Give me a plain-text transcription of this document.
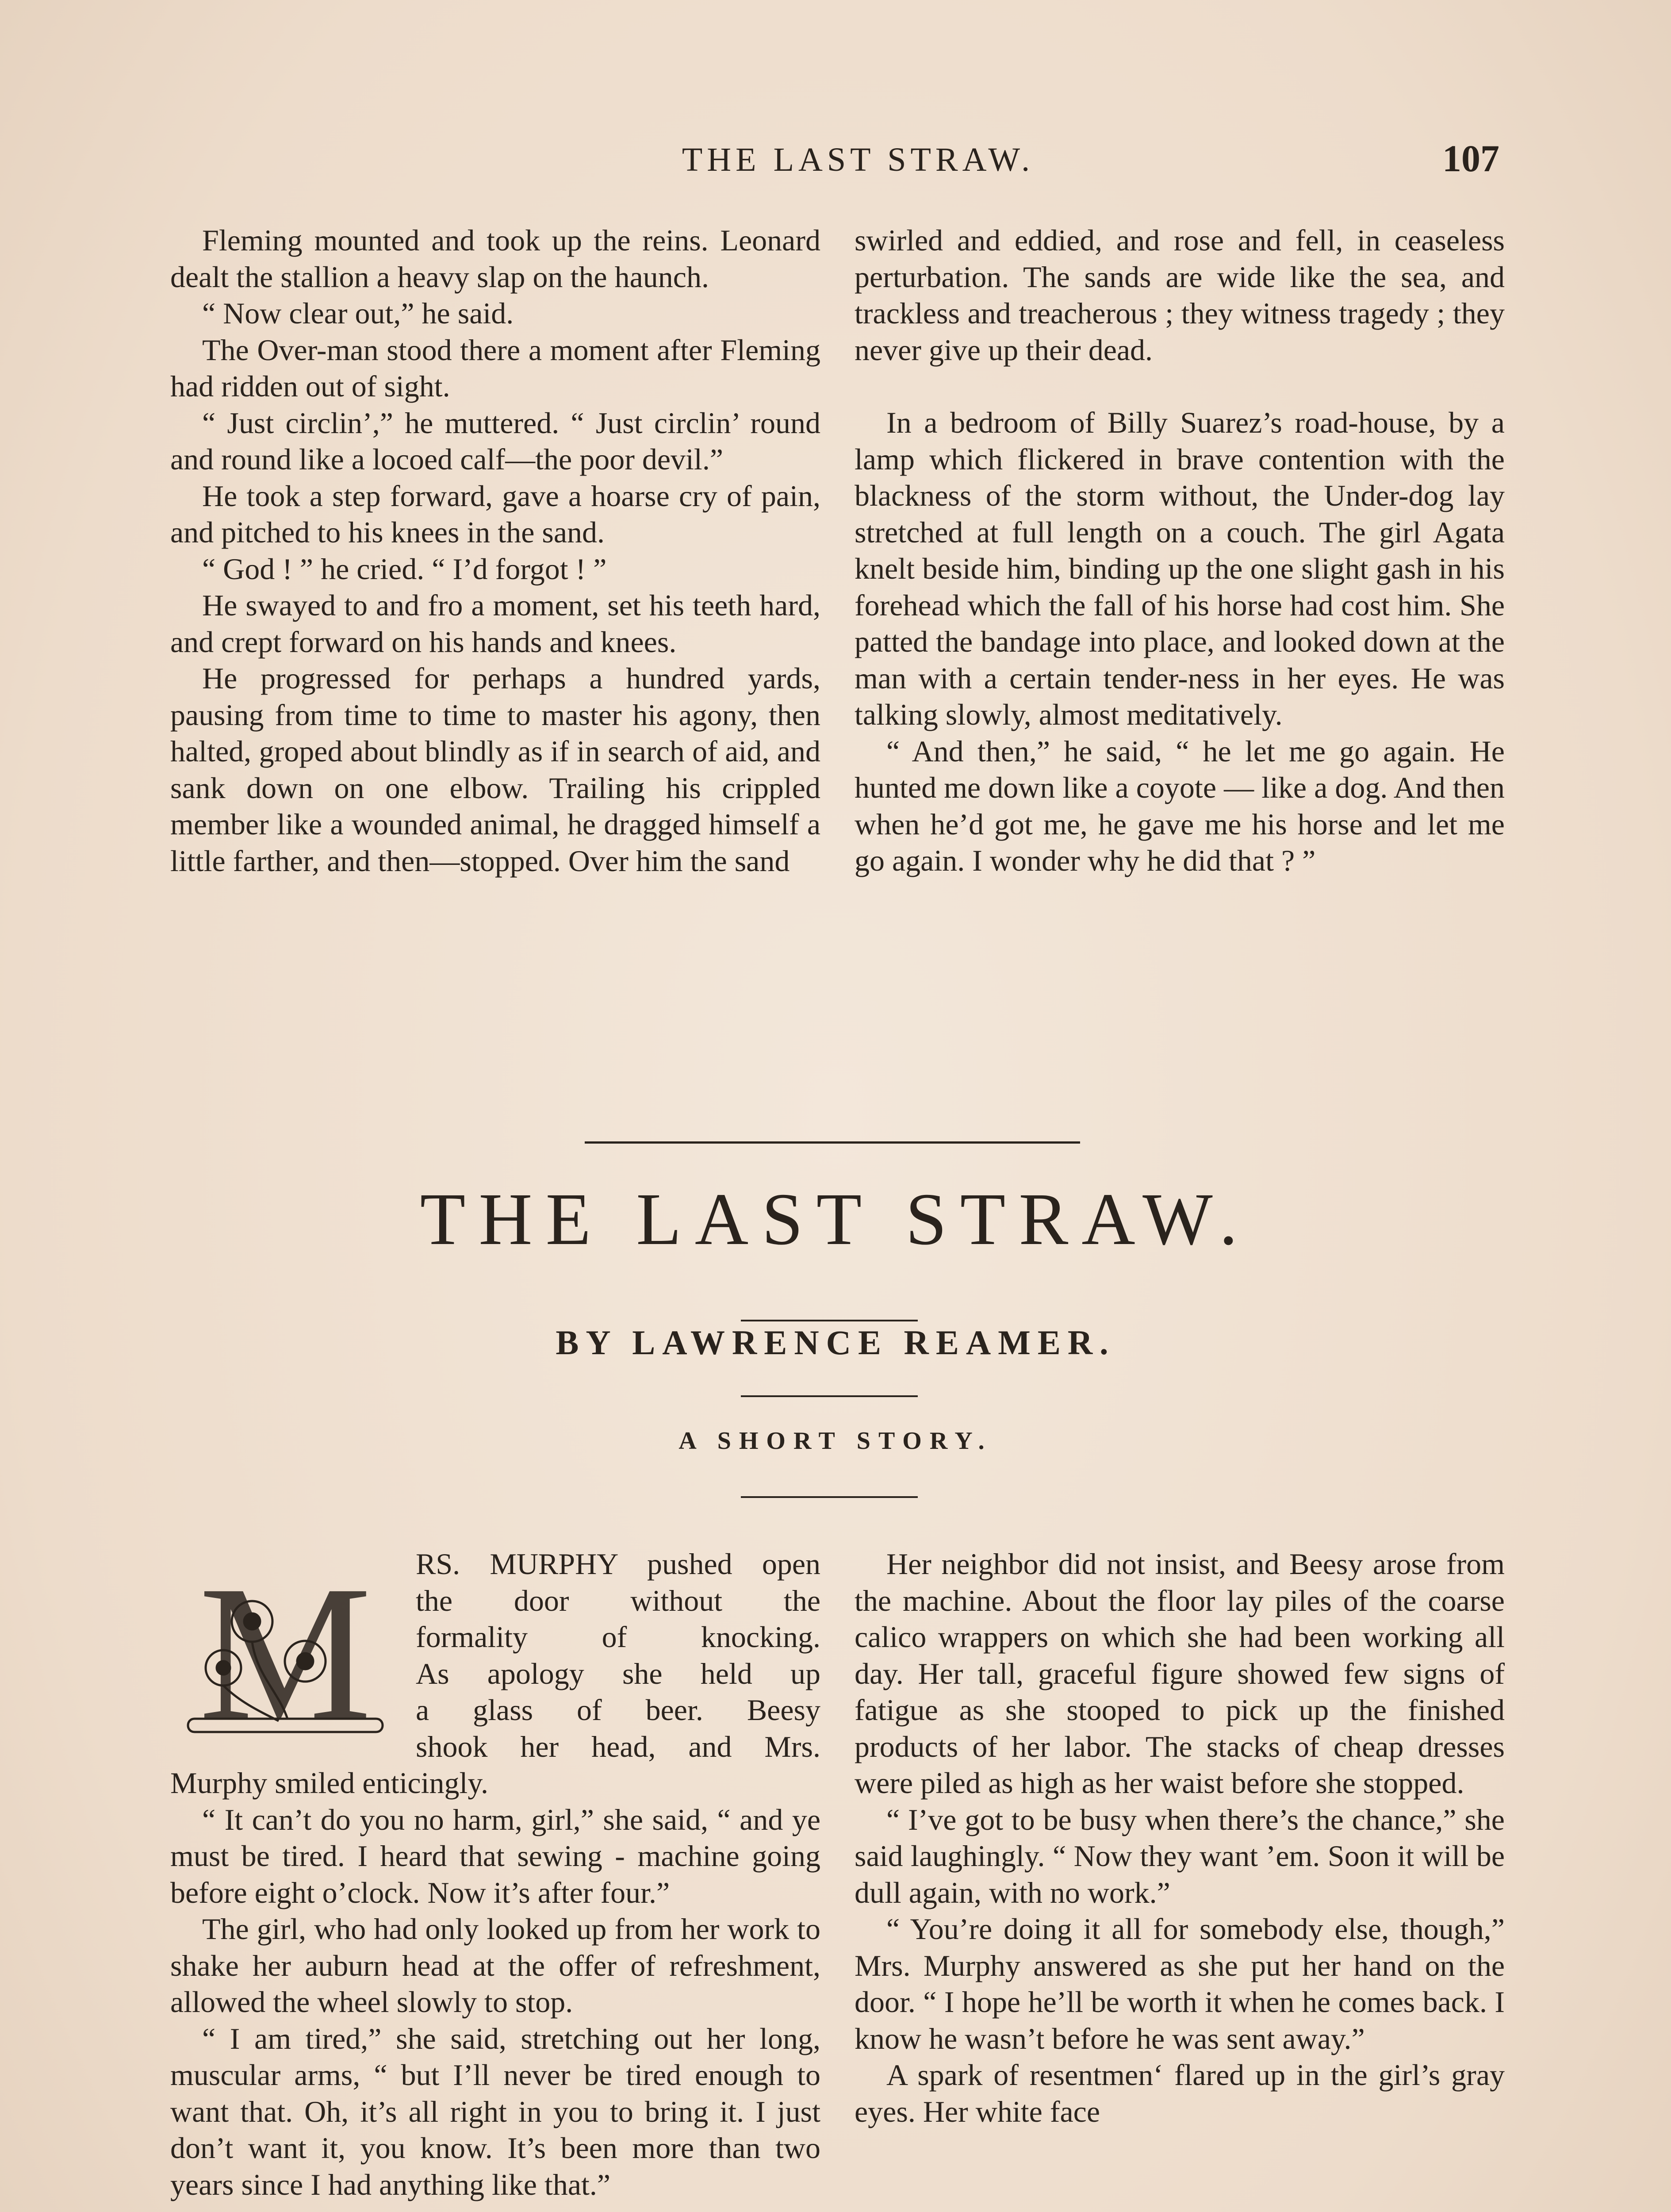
THE LAST STRAW.	107

Fleming mounted and took up the reins. Leonard dealt the stallion a heavy slap on the haunch.

“ Now clear out,” he said.

The Over-man stood there a moment after Fleming had ridden out of sight.

“ Just circlin’,” he muttered. “ Just circlin’ round and round like a locoed calf—the poor devil.”

He took a step forward, gave a hoarse cry of pain, and pitched to his knees in the sand.

“ God ! ” he cried. “ I’d forgot ! ”

He swayed to and fro a moment, set his teeth hard, and crept forward on his hands and knees.

He progressed for perhaps a hundred yards, pausing from time to time to master his agony, then halted, groped about blindly as if in search of aid, and sank down on one elbow. Trailing his crippled member like a wounded animal, he dragged himself a little farther, and then—stopped. Over him the sand

swirled and eddied, and rose and fell, in ceaseless perturbation. The sands are wide like the sea, and trackless and treacherous ; they witness tragedy ; they never give up their dead.

In a bedroom of Billy Suarez’s road-house, by a lamp which flickered in brave contention with the blackness of the storm without, the Under-dog lay stretched at full length on a couch. The girl Agata knelt beside him, binding up the one slight gash in his forehead which the fall of his horse had cost him. She patted the bandage into place, and looked down at the man with a certain tender-ness in her eyes. He was talking slowly, almost meditatively.

“ And then,” he said, “ he let me go again. He hunted me down like a coyote — like a dog. And then when he’d got me, he gave me his horse and let me go again. I wonder why he did that ? ”

THE LAST STRAW.
BY LAWRENCE REAMER.
A SHORT STORY.
M RS. MURPHY pushed open
the door without the
formality of knocking.
As apology she held up
a glass of beer. Beesy
shook her head, and Mrs.

Murphy smiled enticingly.

“ It can’t do you no harm, girl,” she said, “ and ye must be tired. I heard that sewing - machine going before eight o’clock. Now it’s after four.”

The girl, who had only looked up from her work to shake her auburn head at the offer of refreshment, allowed the wheel slowly to stop.

“ I am tired,” she said, stretching out her long, muscular arms, “ but I’ll never be tired enough to want that. Oh, it’s all right in you to bring it. I just don’t want it, you know. It’s been more than two years since I had anything like that.”

Her neighbor did not insist, and Beesy arose from the machine. About the floor lay piles of the coarse calico wrappers on which she had been working all day. Her tall, graceful figure showed few signs of fatigue as she stooped to pick up the finished products of her labor. The stacks of cheap dresses were piled as high as her waist before she stopped.

“ I’ve got to be busy when there’s the chance,” she said laughingly. “ Now they want ’em. Soon it will be dull again, with no work.”

“ You’re doing it all for somebody else, though,” Mrs. Murphy answered as she put her hand on the door. “ I hope he’ll be worth it when he comes back. I know he wasn’t before he was sent away.”

A spark of resentmen‘ flared up in the girl’s gray eyes. Her white face
